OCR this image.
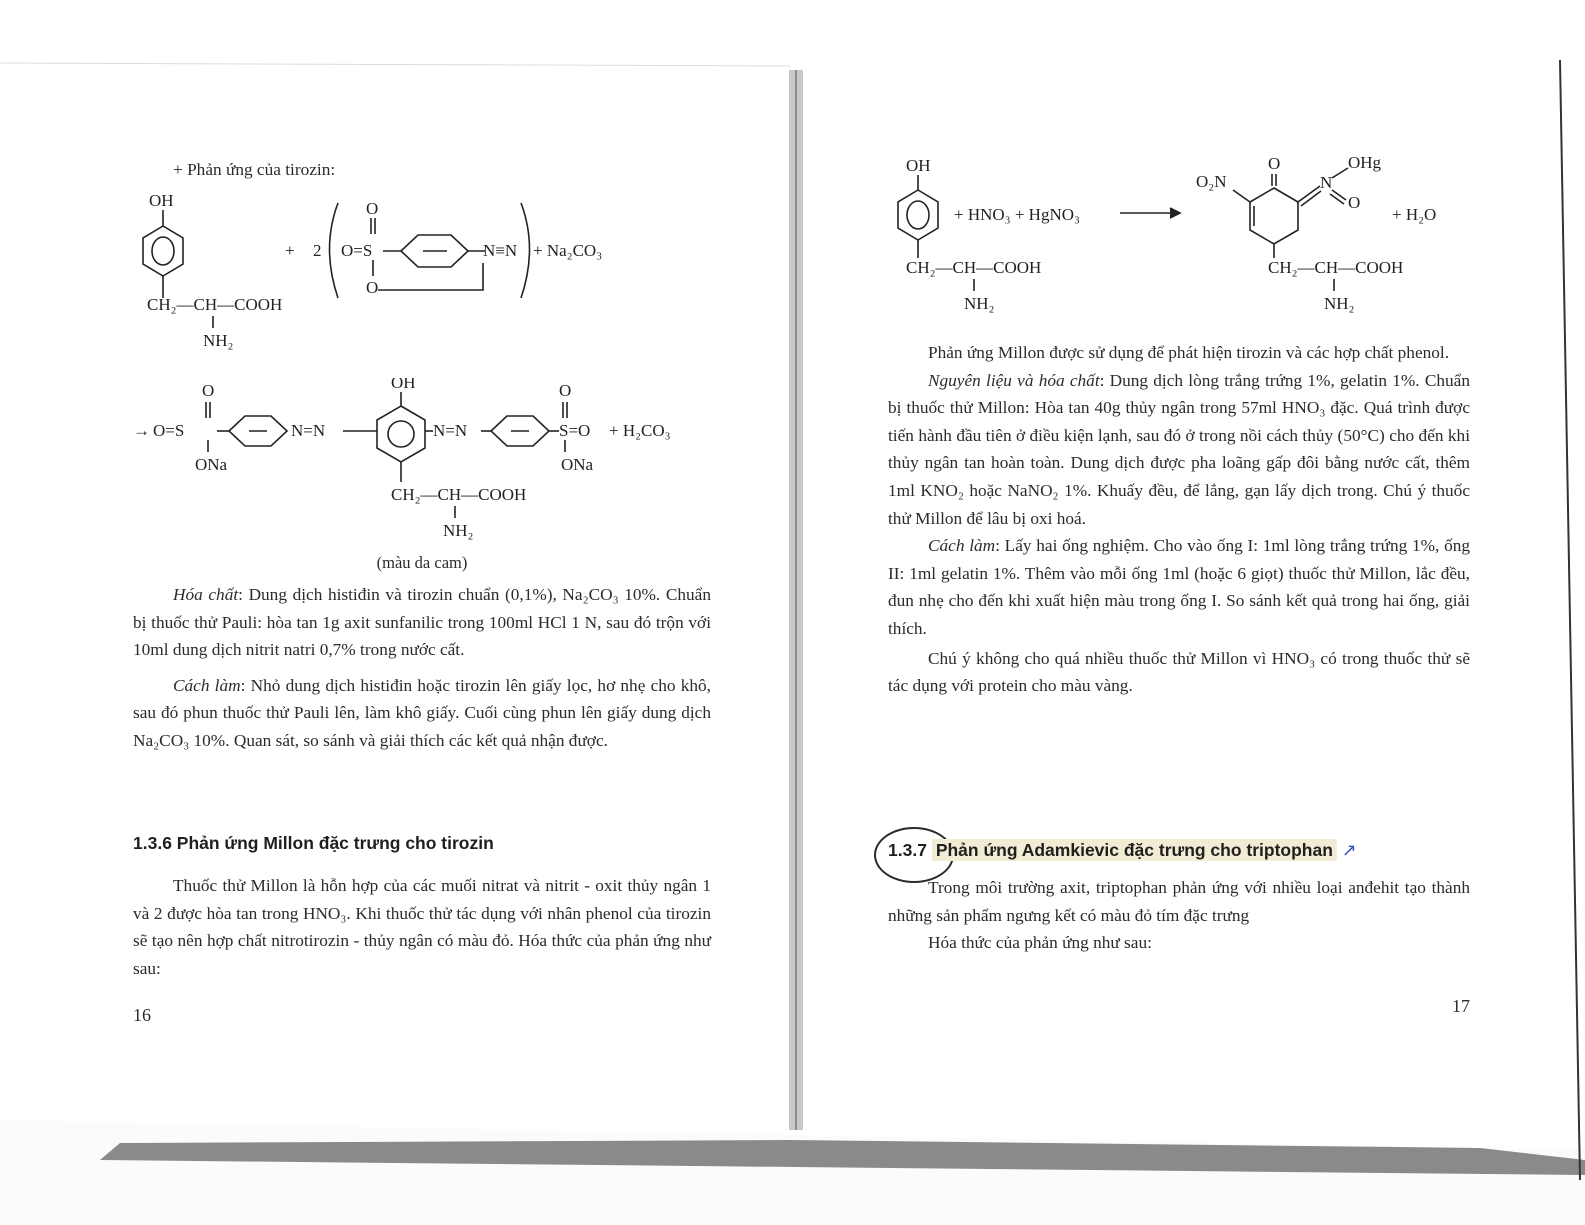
+ Phản ứng của tirozin:
OH
CH₂—CH—COOH
NH₂
+ 2
O
O=S
O
N≡N + Na₂CO₃
→ O=S
O
ONa
N=N
OH
N=N	S=O
O
ONa
+ H₂CO₃
CH₂—CH—COOH
NH₂
(màu da cam)

Hóa chất: Dung dịch histiđin và tirozin chuẩn (0,1%), Na₂CO₃ 10%. Chuẩn bị thuốc thử Pauli: hòa tan 1g axit sunfanilic trong 100ml HCl 1 N, sau đó trộn với 10ml dung dịch nitrit natri 0,7% trong nước cất.

Cách làm: Nhỏ dung dịch histiđin hoặc tirozin lên giấy lọc, hơ nhẹ cho khô, sau đó phun thuốc thử Pauli lên, làm khô giấy. Cuối cùng phun lên giấy dung dịch Na₂CO₃ 10%. Quan sát, so sánh và giải thích các kết quả nhận được.

1.3.6 Phản ứng Millon đặc trưng cho tirozin

Thuốc thử Millon là hỗn hợp của các muối nitrat và nitrit - oxit thủy ngân 1 và 2 được hòa tan trong HNO₃. Khi thuốc thử tác dụng với nhân phenol của tirozin sẽ tạo nên hợp chất nitrotirozin - thủy ngân có màu đỏ. Hóa thức của phản ứng như sau:

16
OH
CH₂—CH—COOH
NH₂
+ HNO₃ + HgNO₃
O₂N
O	OHg
N
O
+ H₂O
CH₂—CH—COOH
NH₂

Phản ứng Millon được sử dụng để phát hiện tirozin và các hợp chất phenol.

Nguyên liệu và hóa chất: Dung dịch lòng trắng trứng 1%, gelatin 1%. Chuẩn bị thuốc thử Millon: Hòa tan 40g thủy ngân trong 57ml HNO₃ đặc. Quá trình được tiến hành đầu tiên ở điều kiện lạnh, sau đó ở trong nồi cách thủy (50°C) cho đến khi thủy ngân tan hoàn toàn. Dung dịch được pha loãng gấp đôi bằng nước cất, thêm 1ml KNO₂ hoặc NaNO₂ 1%. Khuấy đều, để lắng, gạn lấy dịch trong. Chú ý thuốc thử Millon để lâu bị oxi hoá.

Cách làm: Lấy hai ống nghiệm. Cho vào ống I: 1ml lòng trắng trứng 1%, ống II: 1ml gelatin 1%. Thêm vào mỗi ống 1ml (hoặc 6 giọt) thuốc thử Millon, lắc đều, đun nhẹ cho đến khi xuất hiện màu trong ống I. So sánh kết quả trong hai ống, giải thích.

Chú ý không cho quá nhiều thuốc thử Millon vì HNO₃ có trong thuốc thử sẽ tác dụng với protein cho màu vàng.

1.3.7 Phản ứng Adamkievic đặc trưng cho triptophan ↗

Trong môi trường axit, triptophan phản ứng với nhiều loại anđehit tạo thành những sản phẩm ngưng kết có màu đỏ tím đặc trưng

Hóa thức của phản ứng như sau:

17
